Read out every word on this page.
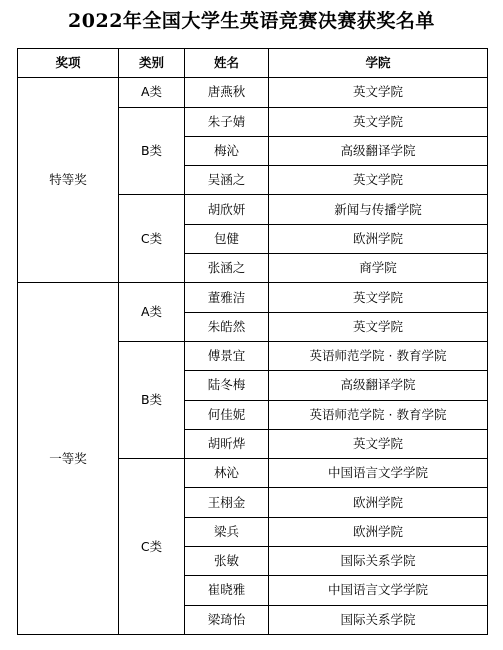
2022年全国大学生英语竞赛决赛获奖名单
奖项	类别	姓名	学院
特等奖	A类	唐燕秋	英文学院
	B类	朱子婧	英文学院
		梅沁	高级翻译学院
		吴涵之	英文学院
	C类	胡欣妍	新闻与传播学院
		包健	欧洲学院
		张涵之	商学院
一等奖	A类	董雅洁	英文学院
		朱皓然	英文学院
	B类	傅景宜	英语师范学院 · 教育学院
		陆冬梅	高级翻译学院
		何佳妮	英语师范学院 · 教育学院
		胡昕烨	英文学院
	C类	林沁	中国语言文学学院
		王栩金	欧洲学院
		梁兵	欧洲学院
		张敏	国际关系学院
		崔晓雅	中国语言文学学院
		梁琦怡	国际关系学院
